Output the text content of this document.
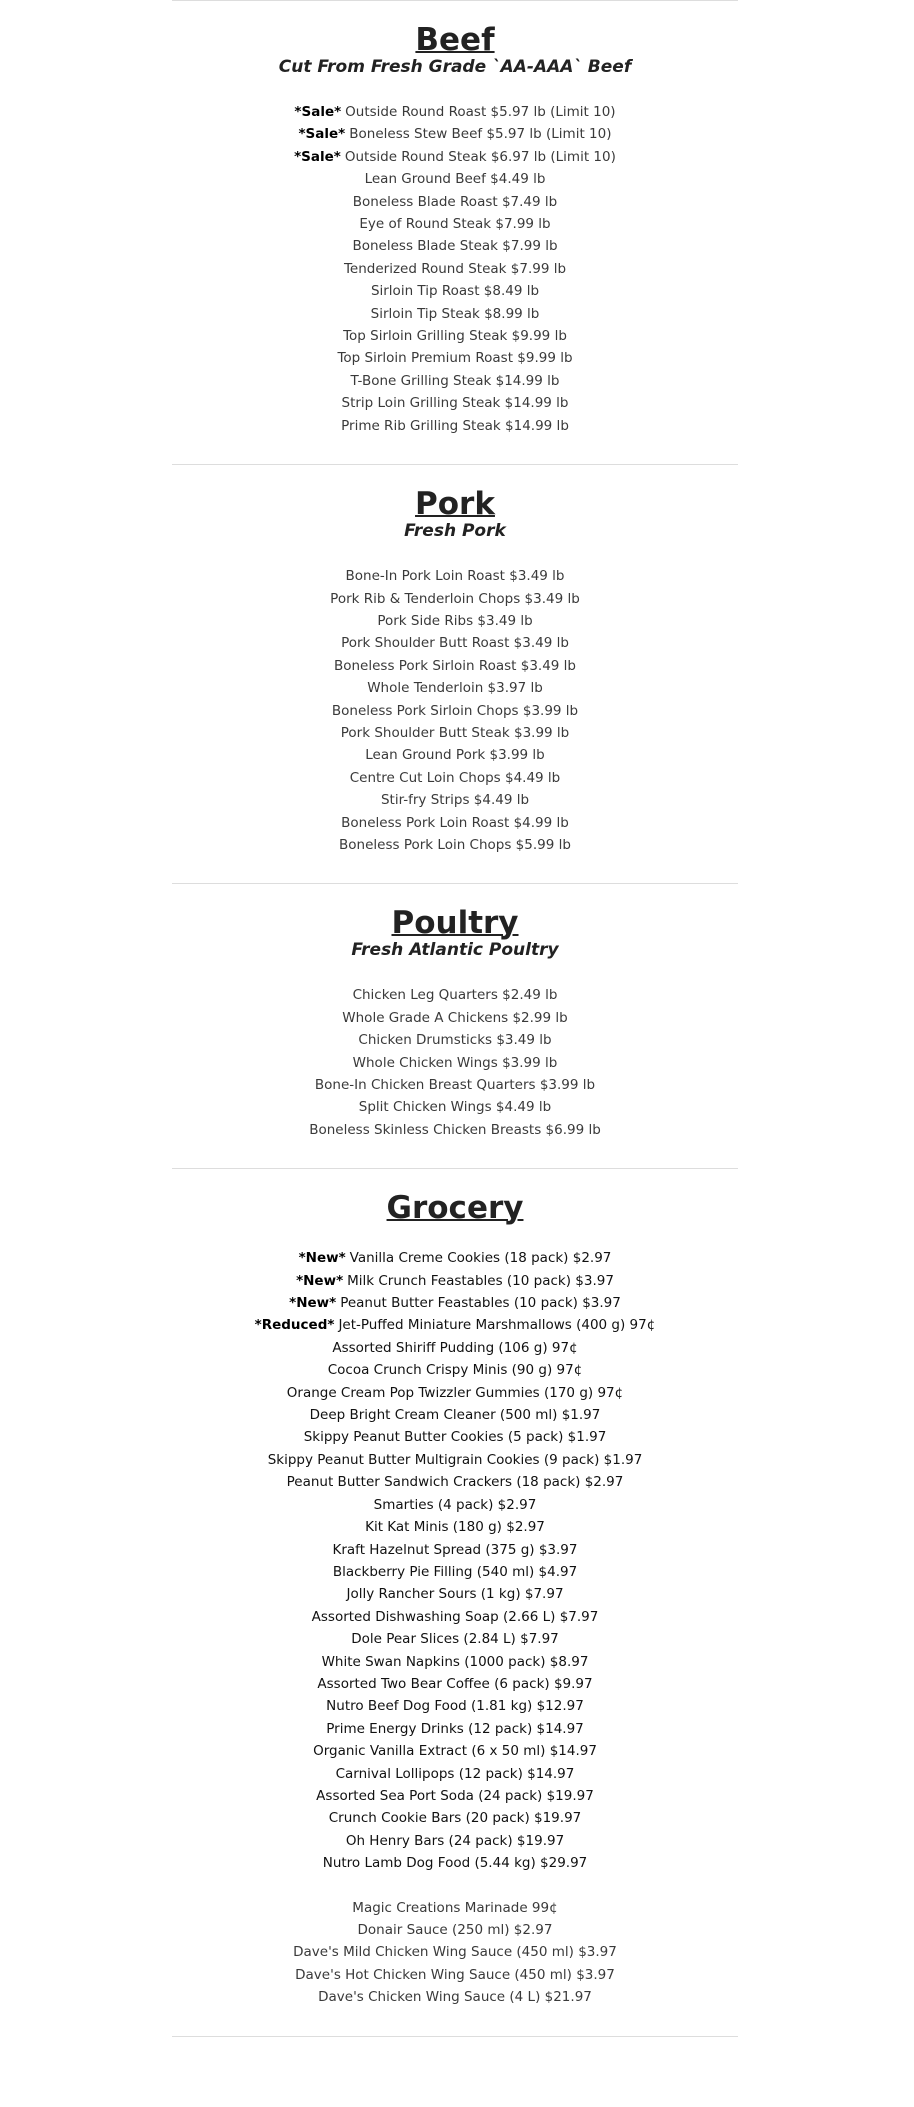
Beef
Cut From Fresh Grade `AA-AAA` Beef
*Sale* Outside Round Roast $5.97 lb (Limit 10)
*Sale* Boneless Stew Beef $5.97 lb (Limit 10)
*Sale* Outside Round Steak $6.97 lb (Limit 10)
Lean Ground Beef $4.49 lb
Boneless Blade Roast $7.49 lb
Eye of Round Steak $7.99 lb
Boneless Blade Steak $7.99 lb
Tenderized Round Steak $7.99 lb
Sirloin Tip Roast $8.49 lb
Sirloin Tip Steak $8.99 lb
Top Sirloin Grilling Steak $9.99 lb
Top Sirloin Premium Roast $9.99 lb
T-Bone Grilling Steak $14.99 lb
Strip Loin Grilling Steak $14.99 lb
Prime Rib Grilling Steak $14.99 lb
Pork
Fresh Pork
Bone-In Pork Loin Roast $3.49 lb
Pork Rib & Tenderloin Chops $3.49 lb
Pork Side Ribs $3.49 lb
Pork Shoulder Butt Roast $3.49 lb
Boneless Pork Sirloin Roast $3.49 lb
Whole Tenderloin $3.97 lb
Boneless Pork Sirloin Chops $3.99 lb
Pork Shoulder Butt Steak $3.99 lb
Lean Ground Pork $3.99 lb
Centre Cut Loin Chops $4.49 lb
Stir-fry Strips $4.49 lb
Boneless Pork Loin Roast $4.99 lb
Boneless Pork Loin Chops $5.99 lb
Poultry
Fresh Atlantic Poultry
Chicken Leg Quarters $2.49 lb
Whole Grade A Chickens $2.99 lb
Chicken Drumsticks $3.49 lb
Whole Chicken Wings $3.99 lb
Bone-In Chicken Breast Quarters $3.99 lb
Split Chicken Wings $4.49 lb
Boneless Skinless Chicken Breasts $6.99 lb
Grocery
*New* Vanilla Creme Cookies (18 pack) $2.97
*New* Milk Crunch Feastables (10 pack) $3.97
*New* Peanut Butter Feastables (10 pack) $3.97
*Reduced* Jet-Puffed Miniature Marshmallows (400 g) 97¢
Assorted Shiriff Pudding (106 g) 97¢
Cocoa Crunch Crispy Minis (90 g) 97¢
Orange Cream Pop Twizzler Gummies (170 g) 97¢
Deep Bright Cream Cleaner (500 ml) $1.97
Skippy Peanut Butter Cookies (5 pack) $1.97
Skippy Peanut Butter Multigrain Cookies (9 pack) $1.97
Peanut Butter Sandwich Crackers (18 pack) $2.97
Smarties (4 pack) $2.97
Kit Kat Minis (180 g) $2.97
Kraft Hazelnut Spread (375 g) $3.97
Blackberry Pie Filling (540 ml) $4.97
Jolly Rancher Sours (1 kg) $7.97
Assorted Dishwashing Soap (2.66 L) $7.97
Dole Pear Slices (2.84 L) $7.97
White Swan Napkins (1000 pack) $8.97
Assorted Two Bear Coffee (6 pack) $9.97
Nutro Beef Dog Food (1.81 kg) $12.97
Prime Energy Drinks (12 pack) $14.97
Organic Vanilla Extract (6 x 50 ml) $14.97
Carnival Lollipops (12 pack) $14.97
Assorted Sea Port Soda (24 pack) $19.97
Crunch Cookie Bars (20 pack) $19.97
Oh Henry Bars (24 pack) $19.97
Nutro Lamb Dog Food (5.44 kg) $29.97
Magic Creations Marinade 99¢
Donair Sauce (250 ml) $2.97
Dave's Mild Chicken Wing Sauce (450 ml) $3.97
Dave's Hot Chicken Wing Sauce (450 ml) $3.97
Dave's Chicken Wing Sauce (4 L) $21.97
